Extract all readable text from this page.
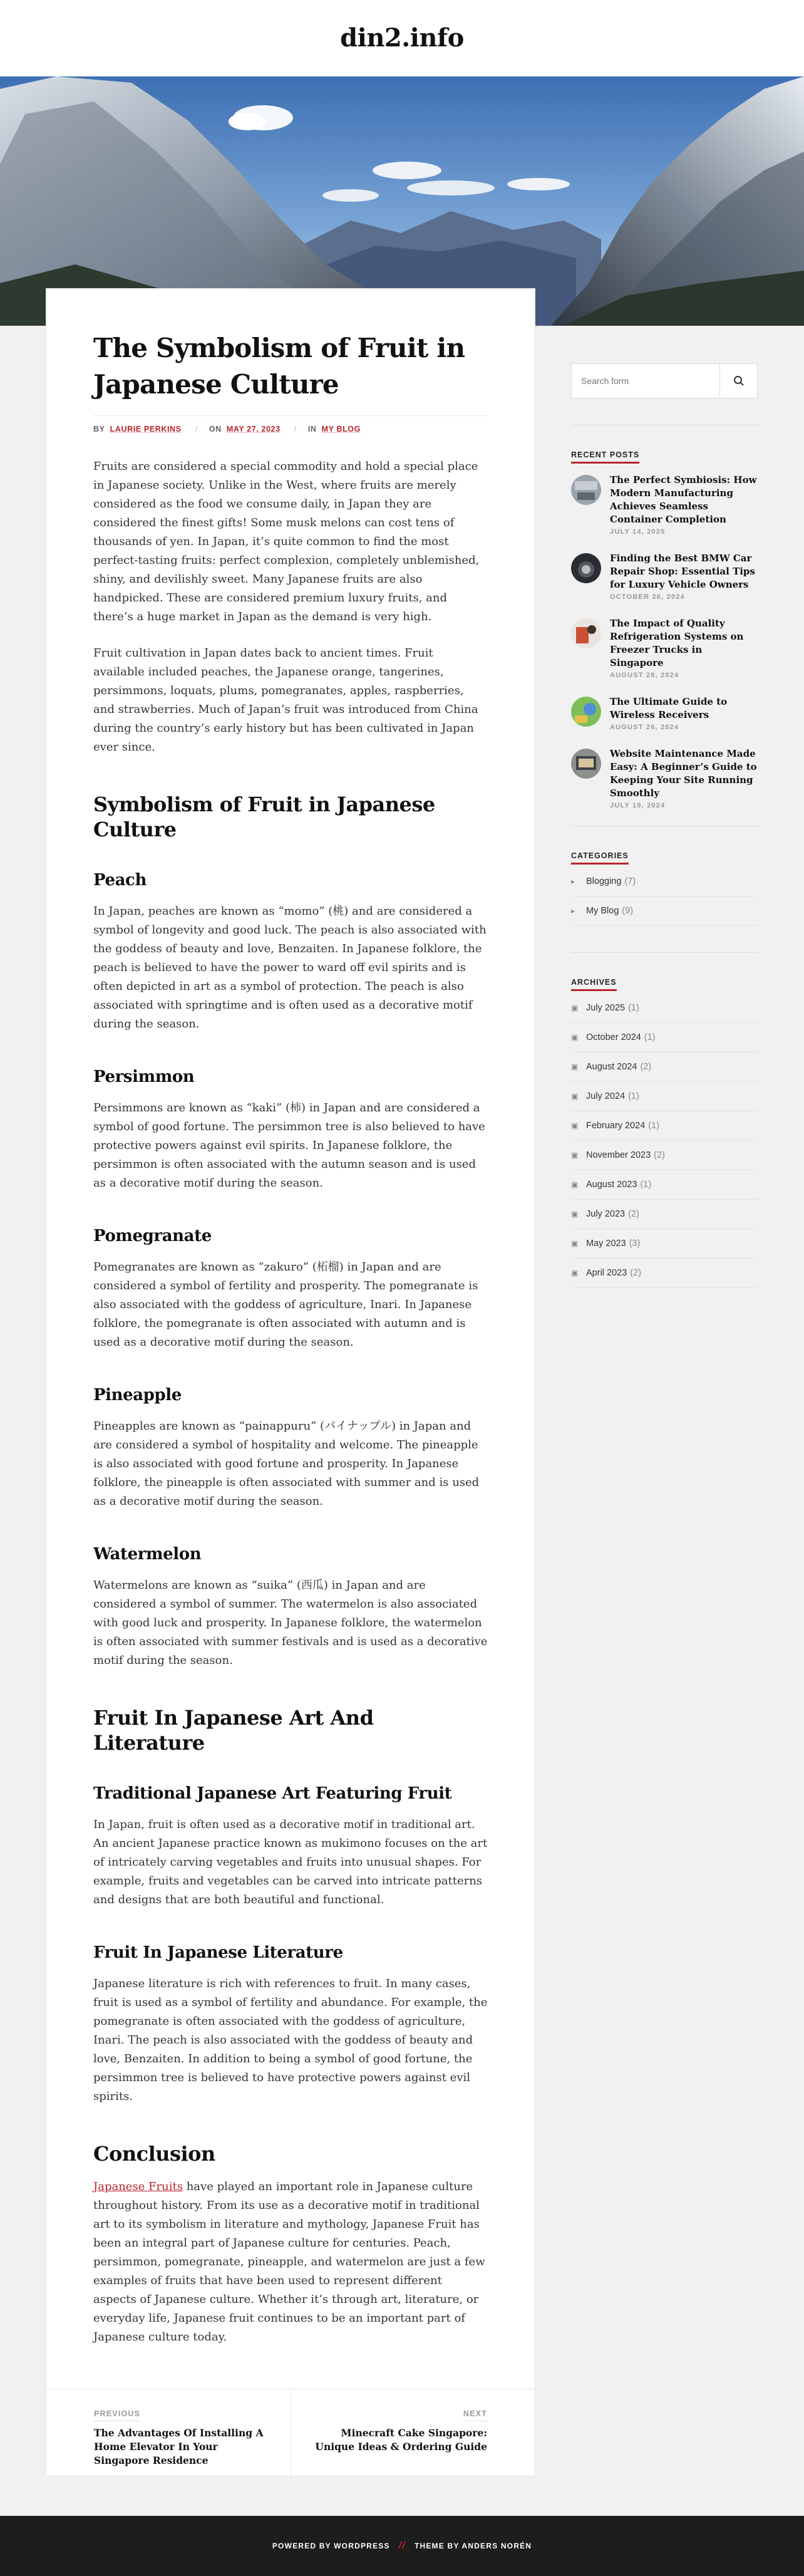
din2.info
The Symbolism of Fruit in Japanese Culture
BY LAURIE PERKINS / ON MAY 27, 2023 / IN MY BLOG

Fruits are considered a special commodity and hold a special place in Japanese society. Unlike in the West, where fruits are merely considered as the food we consume daily, in Japan they are considered the finest gifts! Some musk melons can cost tens of thousands of yen. In Japan, it’s quite common to find the most perfect-tasting fruits: perfect complexion, completely unblemished, shiny, and devilishly sweet. Many Japanese fruits are also handpicked. These are considered premium luxury fruits, and there’s a huge market in Japan as the demand is very high.

Fruit cultivation in Japan dates back to ancient times. Fruit available included peaches, the Japanese orange, tangerines, persimmons, loquats, plums, pomegranates, apples, raspberries, and strawberries. Much of Japan’s fruit was introduced from China during the country’s early history but has been cultivated in Japan ever since.

Symbolism of Fruit in Japanese Culture
Peach

In Japan, peaches are known as “momo” (桃) and are considered a symbol of longevity and good luck. The peach is also associated with the goddess of beauty and love, Benzaiten. In Japanese folklore, the peach is believed to have the power to ward off evil spirits and is often depicted in art as a symbol of protection. The peach is also associated with springtime and is often used as a decorative motif during the season.

Persimmon

Persimmons are known as “kaki” (柿) in Japan and are considered a symbol of good fortune. The persimmon tree is also believed to have protective powers against evil spirits. In Japanese folklore, the persimmon is often associated with the autumn season and is used as a decorative motif during the season.

Pomegranate

Pomegranates are known as “zakuro” (柘榴) in Japan and are considered a symbol of fertility and prosperity. The pomegranate is also associated with the goddess of agriculture, Inari. In Japanese folklore, the pomegranate is often associated with autumn and is used as a decorative motif during the season.

Pineapple

Pineapples are known as “painappuru” (パイナップル) in Japan and are considered a symbol of hospitality and welcome. The pineapple is also associated with good fortune and prosperity. In Japanese folklore, the pineapple is often associated with summer and is used as a decorative motif during the season.

Watermelon

Watermelons are known as “suika” (西瓜) in Japan and are considered a symbol of summer. The watermelon is also associated with good luck and prosperity. In Japanese folklore, the watermelon is often associated with summer festivals and is used as a decorative motif during the season.

Fruit In Japanese Art And Literature
Traditional Japanese Art Featuring Fruit

In Japan, fruit is often used as a decorative motif in traditional art. An ancient Japanese practice known as mukimono focuses on the art of intricately carving vegetables and fruits into unusual shapes. For example, fruits and vegetables can be carved into intricate patterns and designs that are both beautiful and functional.

Fruit In Japanese Literature

Japanese literature is rich with references to fruit. In many cases, fruit is used as a symbol of fertility and abundance. For example, the pomegranate is often associated with the goddess of agriculture, Inari. The peach is also associated with the goddess of beauty and love, Benzaiten. In addition to being a symbol of good fortune, the persimmon tree is believed to have protective powers against evil spirits.

Conclusion

Japanese Fruits have played an important role in Japanese culture throughout history. From its use as a decorative motif in traditional art to its symbolism in literature and mythology, Japanese Fruit has been an integral part of Japanese culture for centuries. Peach, persimmon, pomegranate, pineapple, and watermelon are just a few examples of fruits that have been used to represent different aspects of Japanese culture. Whether it’s through art, literature, or everyday life, Japanese fruit continues to be an important part of Japanese culture today.

PREVIOUS
The Advantages Of Installing A Home Elevator In Your Singapore Residence
NEXT
Minecraft Cake Singapore: Unique Ideas & Ordering Guide
Search form
RECENT POSTS
The Perfect Symbiosis: How Modern Manufacturing Achieves Seamless Container Completion
JULY 14, 2025
Finding the Best BMW Car Repair Shop: Essential Tips for Luxury Vehicle Owners
OCTOBER 26, 2024
The Impact of Quality Refrigeration Systems on Freezer Trucks in Singapore
AUGUST 28, 2024
The Ultimate Guide to Wireless Receivers
AUGUST 26, 2024
Website Maintenance Made Easy: A Beginner’s Guide to Keeping Your Site Running Smoothly
JULY 19, 2024
CATEGORIES
▸	Blogging (7)
▸	My Blog (9)
ARCHIVES
▣ July 2025 (1)
▣ October 2024 (1)
▣ August 2024 (2)
▣ July 2024 (1)
▣ February 2024 (1)
▣ November 2023 (2)
▣ August 2023 (1)
▣ July 2023 (2)
▣ May 2023 (3)
▣ April 2023 (2)
POWERED BY WORDPRESS // THEME BY ANDERS NORÉN
